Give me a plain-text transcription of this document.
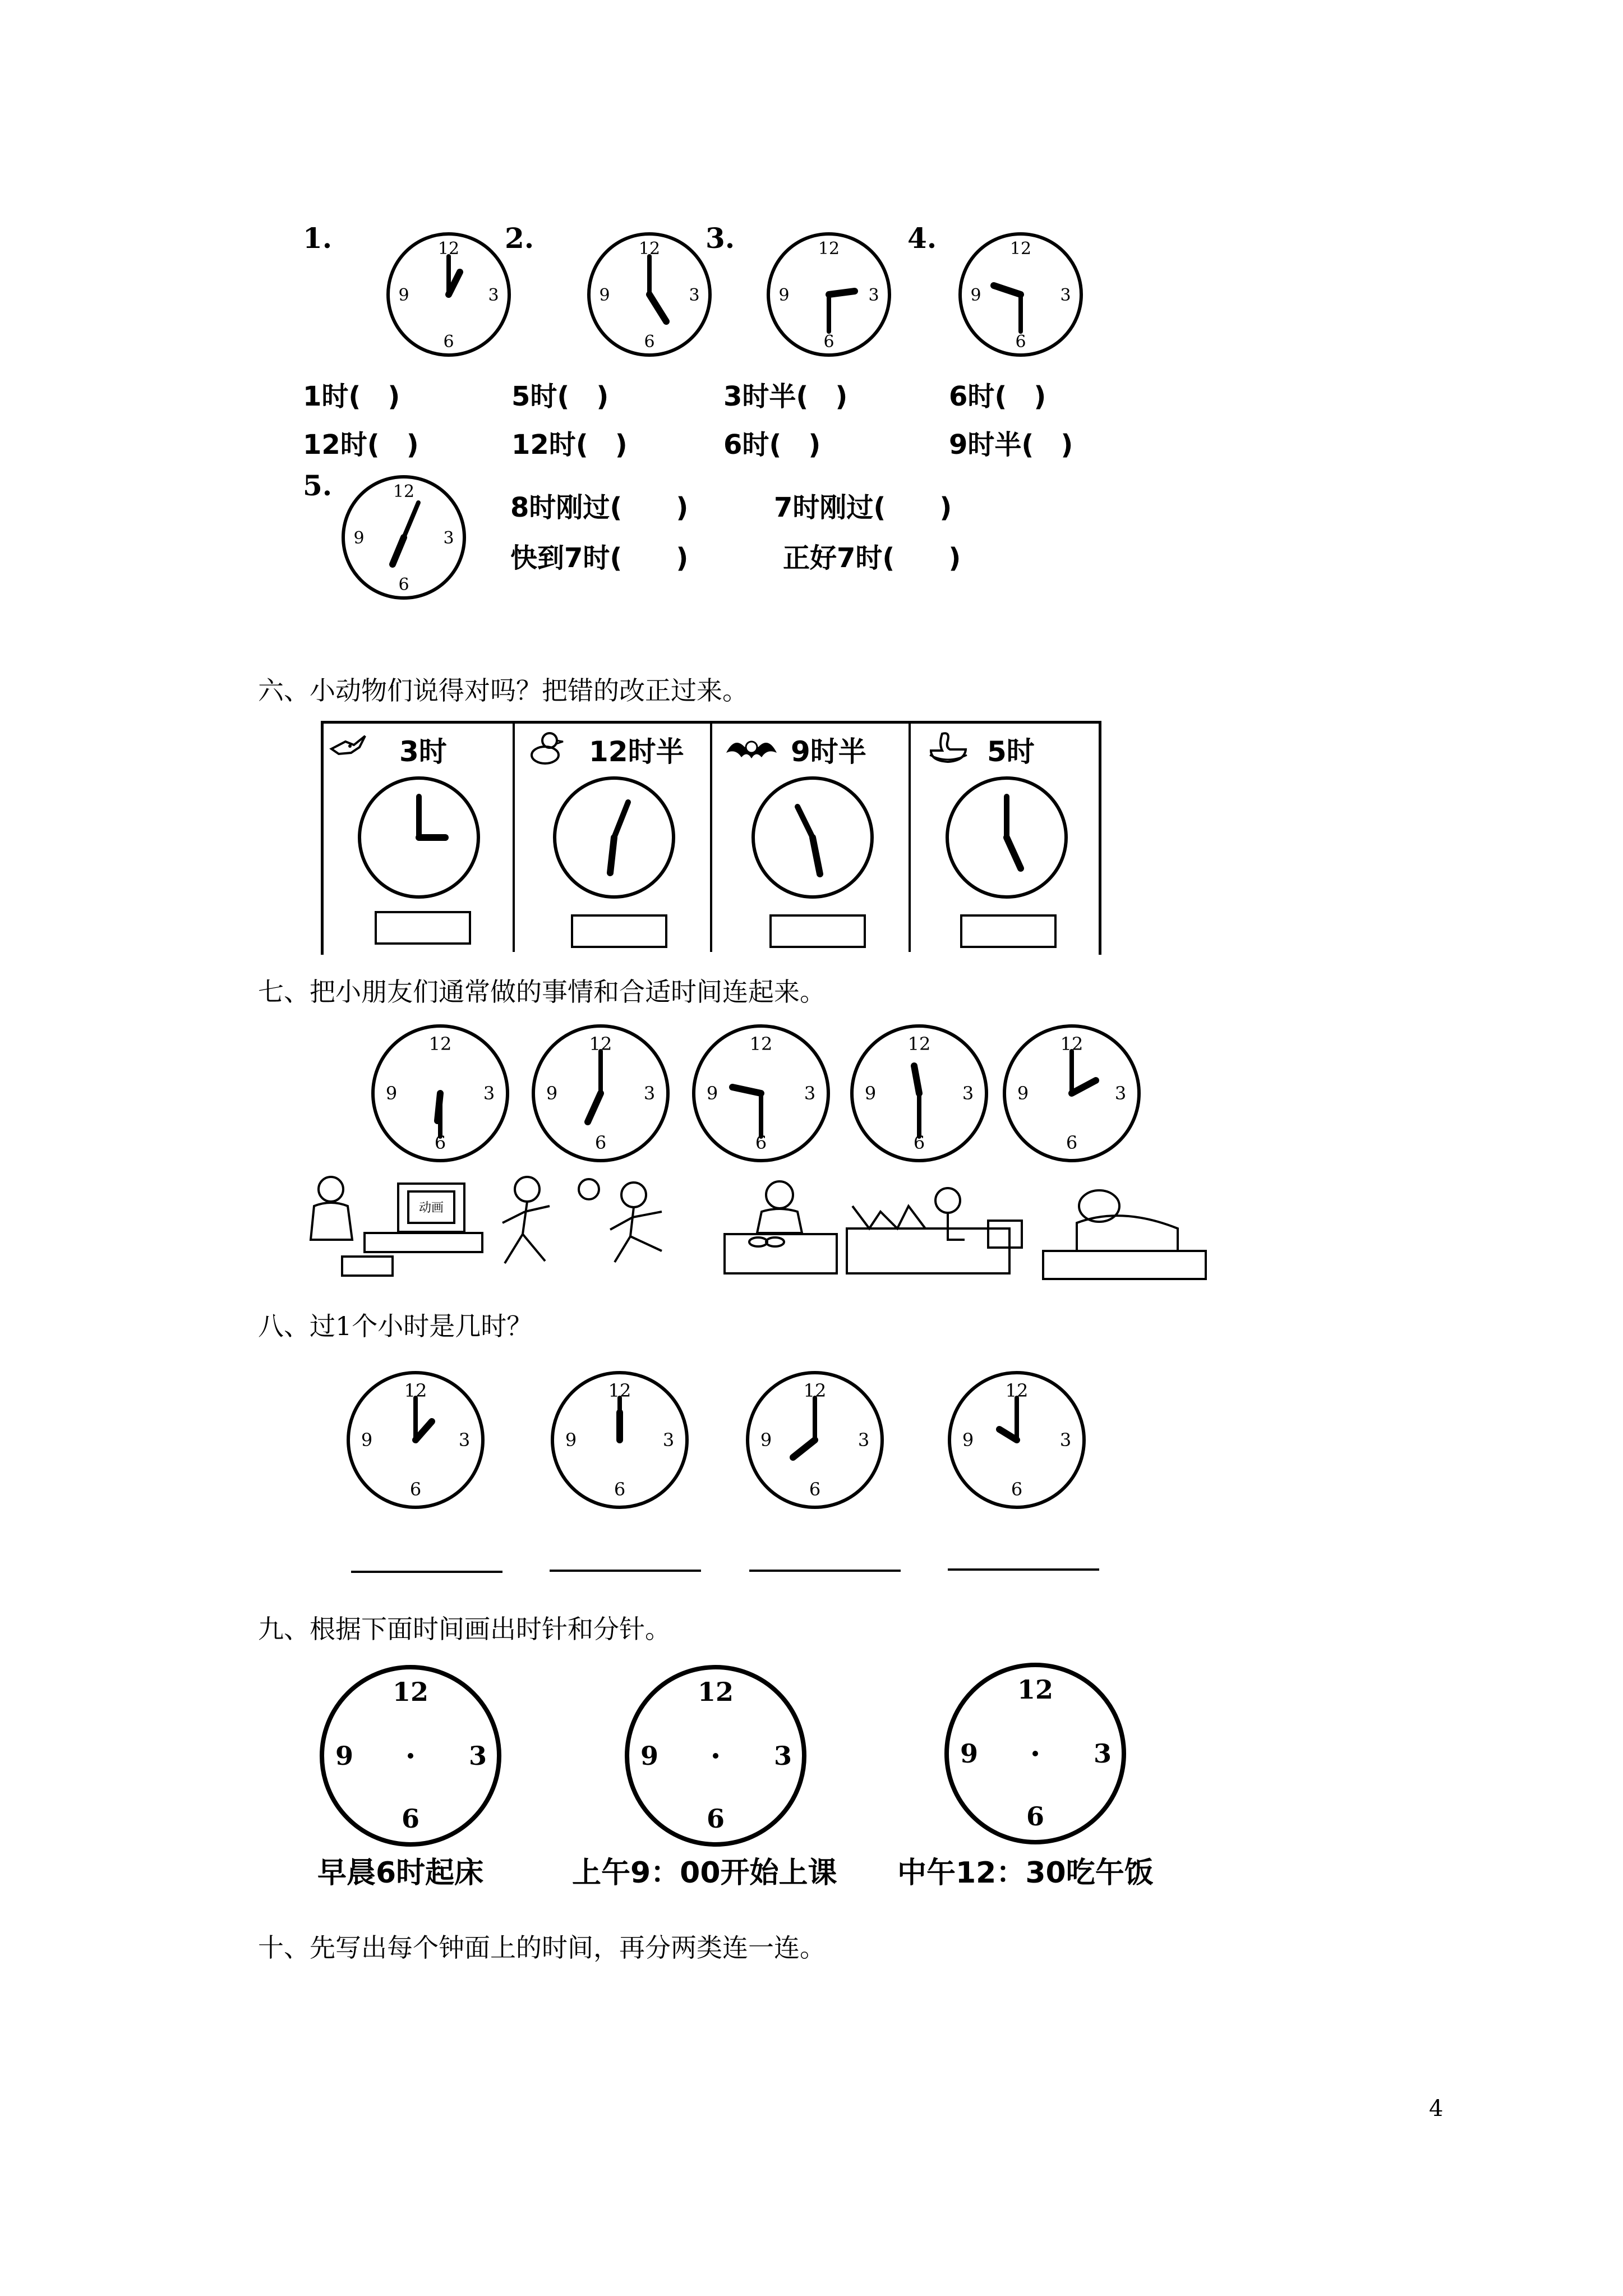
1.	2.	3.	4.
12
3
6
9
12
3
6
9
12
3
6
9
12
3
6
9
1时(　)	5时(　)	3时半(　)	6时(　)
12时(　)	12时(　)	6时(　)	9时半(　)
5.	12
3
6
9
8时刚过(　　)	7时刚过(　　)
快到7时(　　)	正好7时(　　)
六、小动物们说得对吗？把错的改正过来。
3时	12时半	9时半	5时
七、把小朋友们通常做的事情和合适时间连起来。
12
3
6
9
12
3
6
9
12
3
6
9
12
3
6
9
12
3
6
9
动画
八、过1个小时是几时？
12
3
6
9
12
3
6
9
12
3
6
9
12
3
6
9
九、根据下面时间画出时针和分针。
12
3
6
9
12
3
6
9
12
3
6
9
早晨6时起床	上午9：00开始上课 中午12：30吃午饭
十、先写出每个钟面上的时间，再分两类连一连。
4
